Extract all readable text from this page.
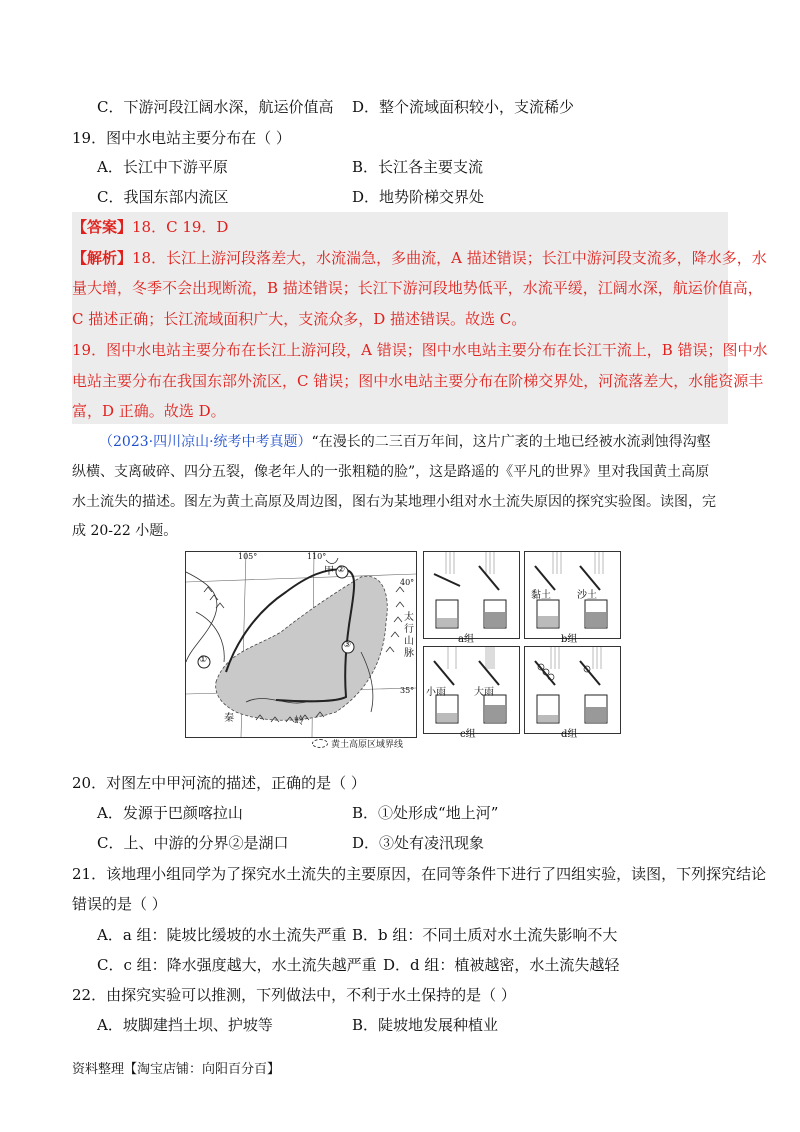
C．下游河段江阔水深，航运价值高 D．整个流域面积较小，支流稀少
19．图中水电站主要分布在（ ）
A．长江中下游平原	B．长江各主要支流
C．我国东部内流区	D．地势阶梯交界处
【答案】18．C 19．D
【解析】18．长江上游河段落差大，水流湍急，多曲流，A 描述错误；长江中游河段支流多，降水多，水
量大增，冬季不会出现断流，B 描述错误；长江下游河段地势低平，水流平缓，江阔水深，航运价值高，
C 描述正确；长江流域面积广大，支流众多，D 描述错误。故选 C。
19．图中水电站主要分布在长江上游河段，A 错误；图中水电站主要分布在长江干流上，B 错误；图中水
电站主要分布在我国东部外流区，C 错误；图中水电站主要分布在阶梯交界处，河流落差大，水能资源丰
富，D 正确。故选 D。
（2023·四川凉山·统考中考真题）“在漫长的二三百万年间，这片广袤的土地已经被水流剥蚀得沟壑
纵横、支离破碎、四分五裂，像老年人的一张粗糙的脸”，这是路遥的《平凡的世界》里对我国黄土高原
水土流失的描述。图左为黄土高原及周边图，图右为某地理小组对水土流失原因的探究实验图。读图，完
成 20-22 小题。
105°	110°
40°
35°
甲 ②
①
③
太行山脉
秦	岭
黄土高原区域界线
a组
黏土	沙土
b组
小雨	大雨
c组	d组
20．对图左中甲河流的描述，正确的是（ ）
A．发源于巴颜喀拉山	B．①处形成“地上河”
C．上、中游的分界②是湖口	D．③处有凌汛现象
21．该地理小组同学为了探究水土流失的主要原因，在同等条件下进行了四组实验，读图，下列探究结论
错误的是（ ）
A．a 组：陡坡比缓坡的水土流失严重 B．b 组：不同土质对水土流失影响不大
C．c 组：降水强度越大，水土流失越严重 D．d 组：植被越密，水土流失越轻
22．由探究实验可以推测，下列做法中，不利于水土保持的是（ ）
A．坡脚建挡土坝、护坡等	B．陡坡地发展种植业
资料整理【淘宝店铺：向阳百分百】
